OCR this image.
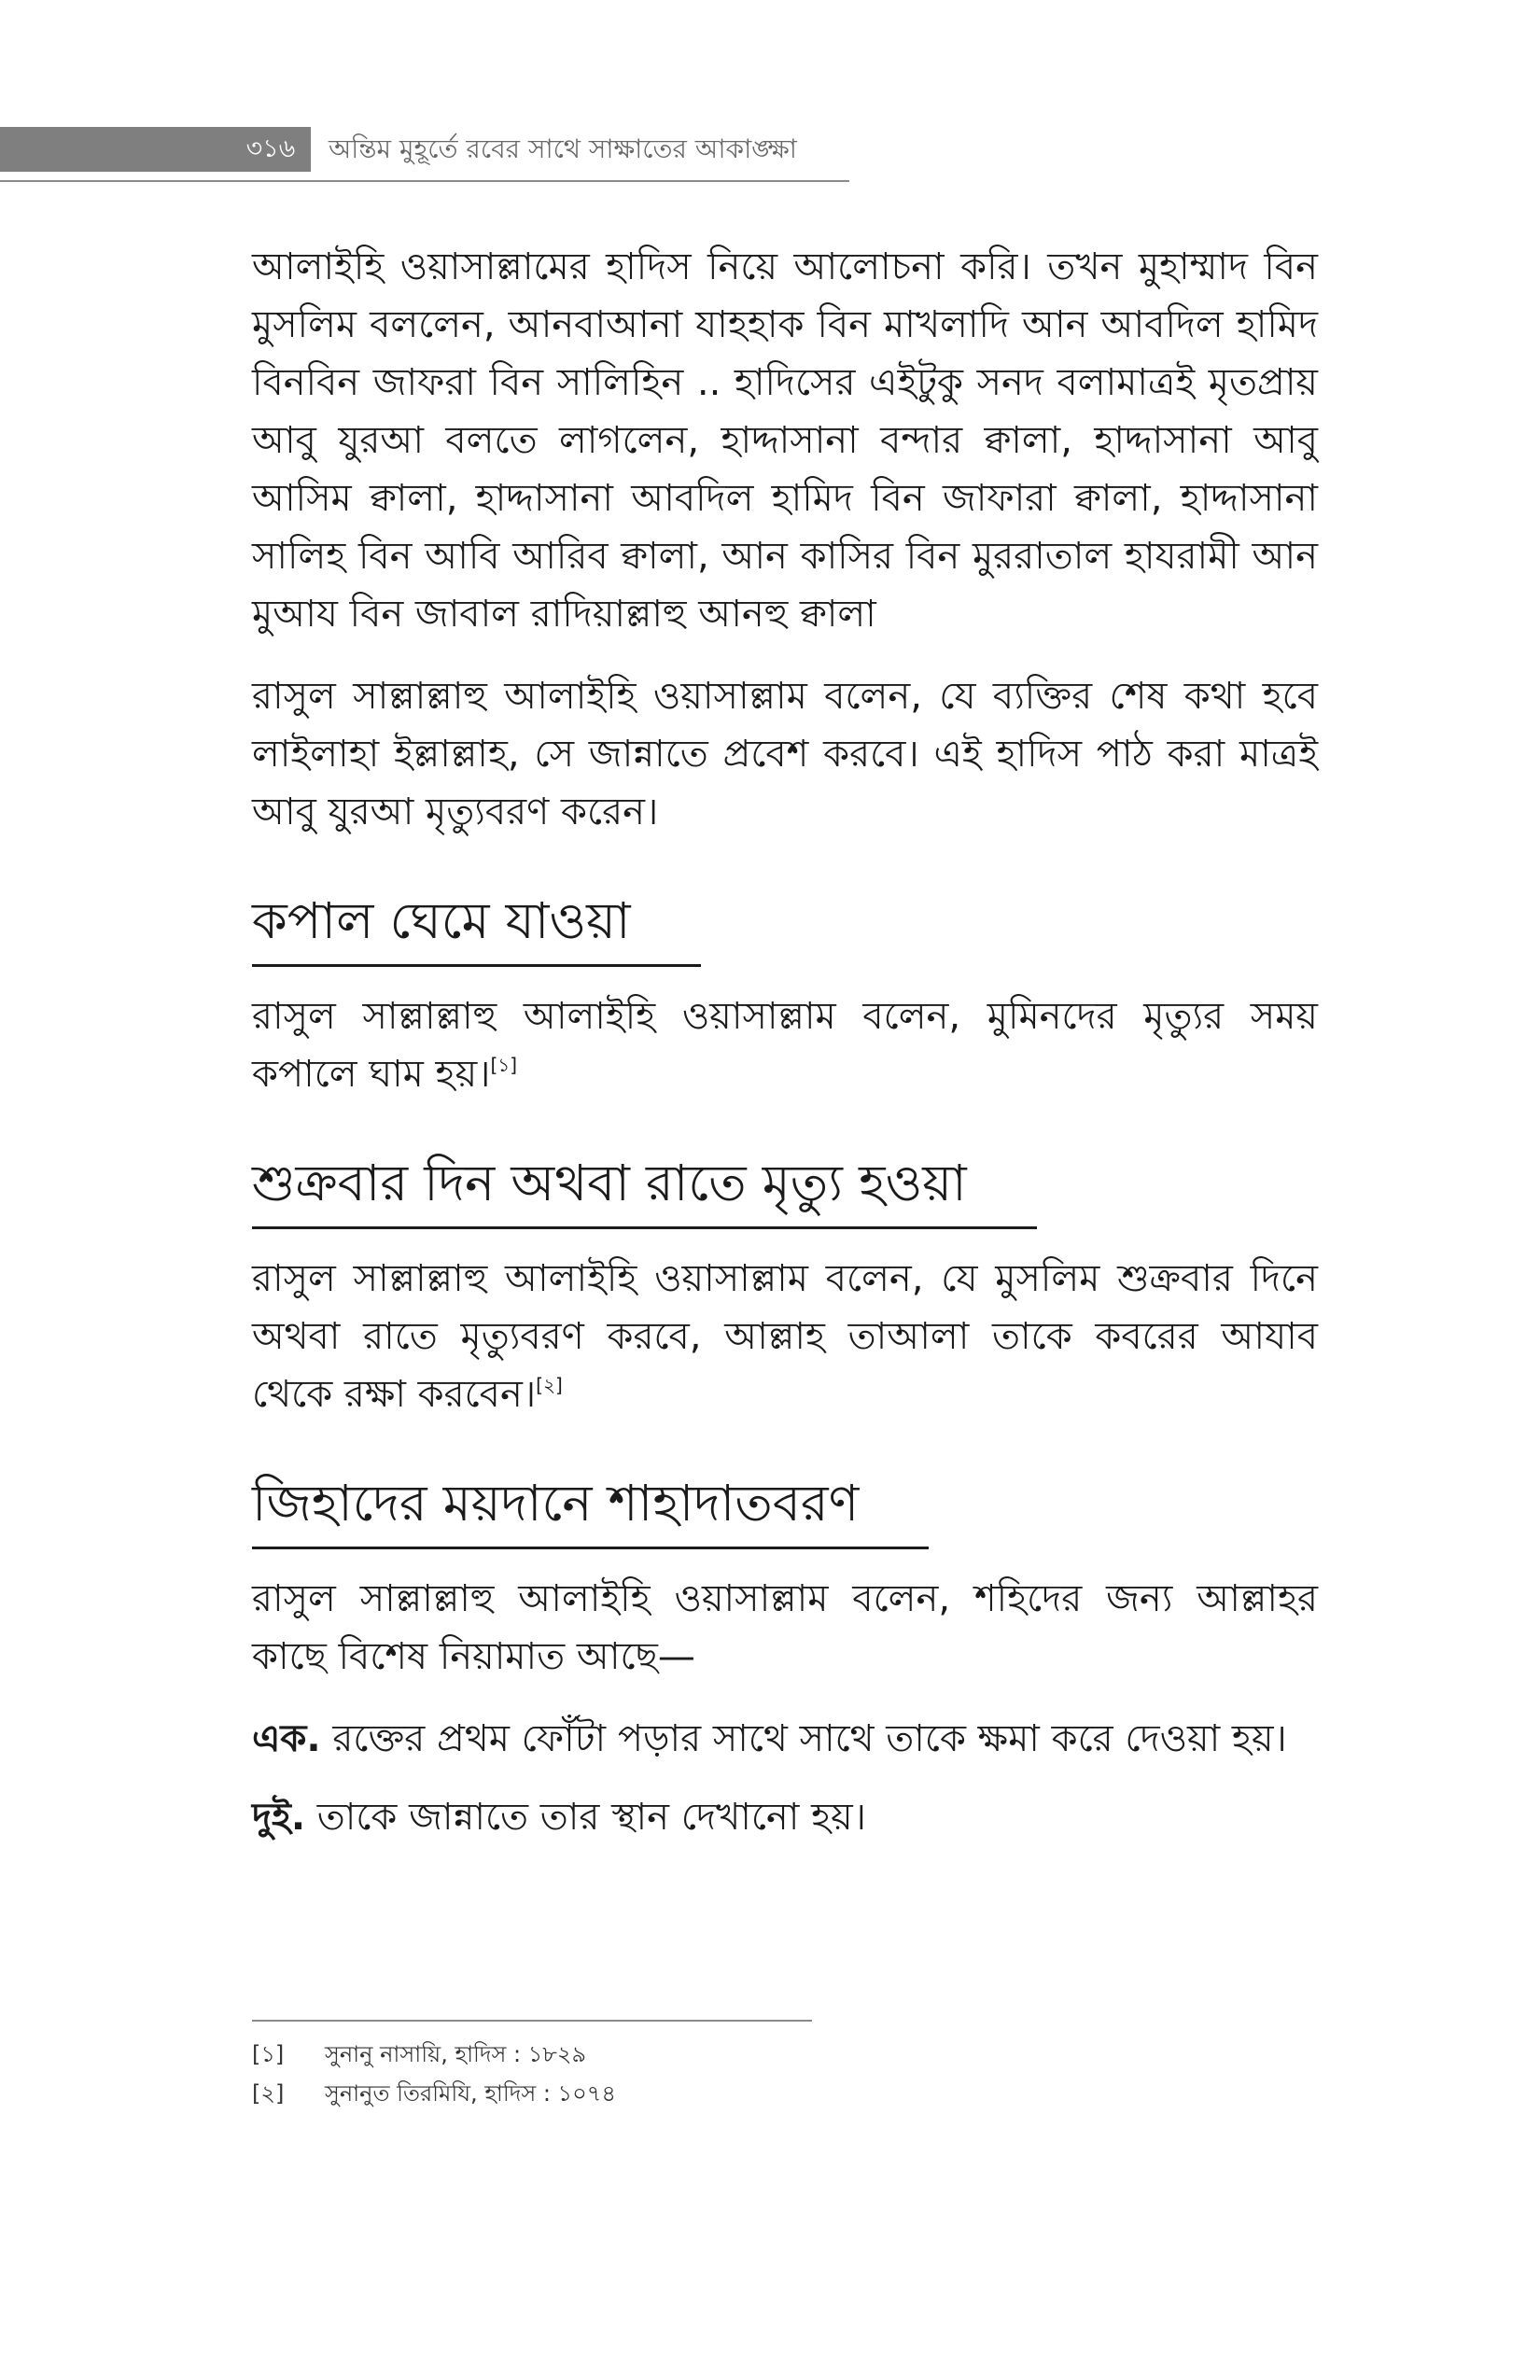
৩১৬	অন্তিম মুহূর্তে রবের সাথে সাক্ষাতের আকাঙ্ক্ষা

আলাইহি ওয়াসাল্লামের হাদিস নিয়ে আলোচনা করি। তখন মুহাম্মাদ বিন মুসলিম বললেন, আনবাআনা যাহহাক বিন মাখলাদি আন আবদিল হামিদ বিনবিন জাফরা বিন সালিহিন .. হাদিসের এইটুকু সনদ বলামাত্রই মৃতপ্রায় আবু যুরআ বলতে লাগলেন, হাদ্দাসানা বন্দার ক্বালা, হাদ্দাসানা আবু আসিম ক্বালা, হাদ্দাসানা আবদিল হামিদ বিন জাফারা ক্বালা, হাদ্দাসানা সালিহ বিন আবি আরিব ক্বালা, আন কাসির বিন মুররাতাল হাযরামী আন মুআয বিন জাবাল রাদিয়াল্লাহু আনহু ক্বালা

রাসুল সাল্লাল্লাহু আলাইহি ওয়াসাল্লাম বলেন, যে ব্যক্তির শেষ কথা হবে লাইলাহা ইল্লাল্লাহ, সে জান্নাতে প্রবেশ করবে। এই হাদিস পাঠ করা মাত্রই আবু যুরআ মৃত্যুবরণ করেন।

কপাল ঘেমে যাওয়া

রাসুল সাল্লাল্লাহু আলাইহি ওয়াসাল্লাম বলেন, মুমিনদের মৃত্যুর সময় কপালে ঘাম হয়।[১]

শুক্রবার দিন অথবা রাতে মৃত্যু হওয়া

রাসুল সাল্লাল্লাহু আলাইহি ওয়াসাল্লাম বলেন, যে মুসলিম শুক্রবার দিনে অথবা রাতে মৃত্যুবরণ করবে, আল্লাহ তাআলা তাকে কবরের আযাব থেকে রক্ষা করবেন।[২]

জিহাদের ময়দানে শাহাদাতবরণ

রাসুল সাল্লাল্লাহু আলাইহি ওয়াসাল্লাম বলেন, শহিদের জন্য আল্লাহর কাছে বিশেষ নিয়ামাত আছে—

এক. রক্তের প্রথম ফোঁটা পড়ার সাথে সাথে তাকে ক্ষমা করে দেওয়া হয়।

দুই. তাকে জান্নাতে তার স্থান দেখানো হয়।

[১] সুনানু নাসায়ি, হাদিস : ১৮২৯
[২] সুনানুত তিরমিযি, হাদিস : ১০৭৪
